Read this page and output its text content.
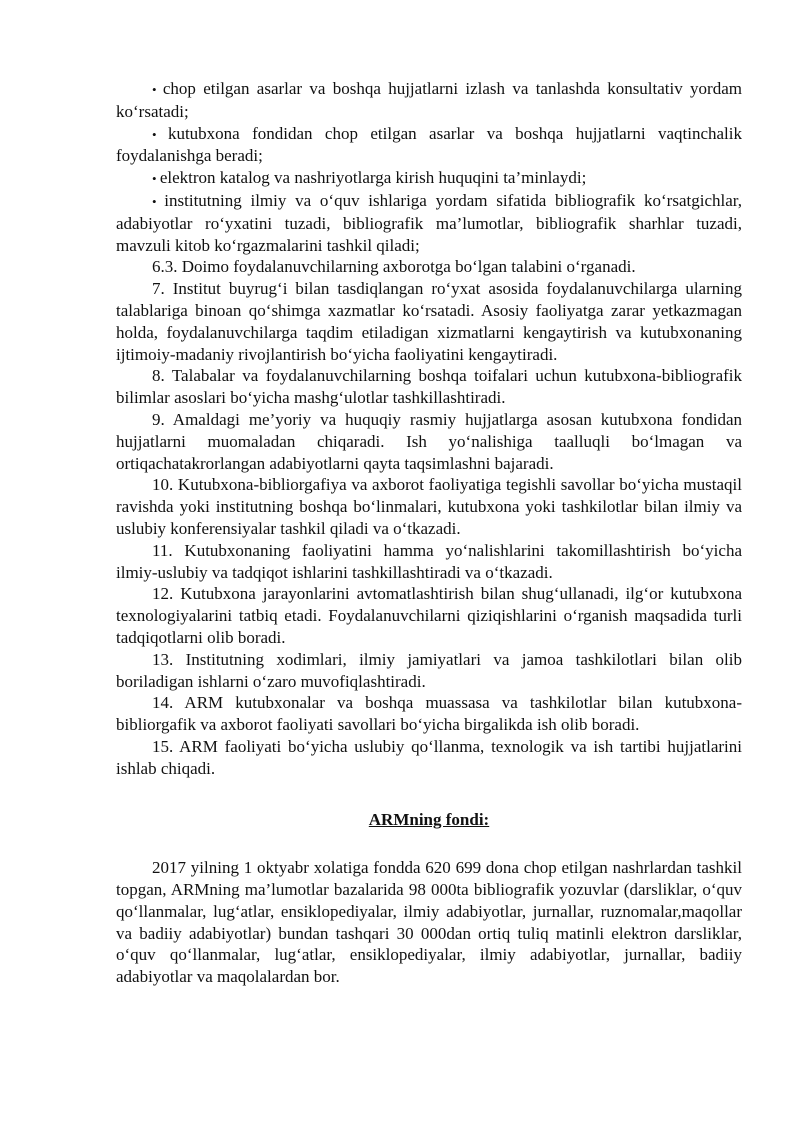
• chop etilgan asarlar va boshqa hujjatlarni izlash va tanlashda konsultativ yordam ko‘rsatadi;

• kutubxona fondidan chop etilgan asarlar va boshqa hujjatlarni vaqtinchalik foydalanishga beradi;

• elektron katalog va nashriyotlarga kirish huquqini ta’minlaydi;

• institutning ilmiy va o‘quv ishlariga yordam sifatida bibliografik ko‘rsatgichlar, adabiyotlar ro‘yxatini tuzadi, bibliografik ma’lumotlar, bibliografik sharhlar tuzadi, mavzuli kitob ko‘rgazmalarini tashkil qiladi;

6.3. Doimo foydalanuvchilarning axborotga bo‘lgan talabini o‘rganadi.

7. Institut buyrug‘i bilan tasdiqlangan ro‘yxat asosida foydalanuvchilarga ularning talablariga binoan qo‘shimga xazmatlar ko‘rsatadi. Asosiy faoliyatga zarar yetkazmagan holda, foydalanuvchilarga taqdim etiladigan xizmatlarni kengaytirish va kutubxonaning ijtimoiy-madaniy rivojlantirish bo‘yicha faoliyatini kengaytiradi.

8. Talabalar va foydalanuvchilarning boshqa toifalari uchun kutubxona-bibliografik bilimlar asoslari bo‘yicha mashg‘ulotlar tashkillashtiradi.

9. Amaldagi me’yoriy va huquqiy rasmiy hujjatlarga asosan kutubxona fondidan hujjatlarni muomaladan chiqaradi. Ish yo‘nalishiga taalluqli bo‘lmagan va ortiqachatakrorlangan adabiyotlarni qayta taqsimlashni bajaradi.

10. Kutubxona-bibliorgafiya va axborot faoliyatiga tegishli savollar bo‘yicha mustaqil ravishda yoki institutning boshqa bo‘linmalari, kutubxona yoki tashkilotlar bilan ilmiy va uslubiy konferensiyalar tashkil qiladi va o‘tkazadi.

11. Kutubxonaning faoliyatini hamma yo‘nalishlarini takomillashtirish bo‘yicha ilmiy-uslubiy va tadqiqot ishlarini tashkillashtiradi va o‘tkazadi.

12. Kutubxona jarayonlarini avtomatlashtirish bilan shug‘ullanadi, ilg‘or kutubxona texnologiyalarini tatbiq etadi. Foydalanuvchilarni qiziqishlarini o‘rganish maqsadida turli tadqiqotlarni olib boradi.

13. Institutning xodimlari, ilmiy jamiyatlari va jamoa tashkilotlari bilan olib boriladigan ishlarni o‘zaro muvofiqlashtiradi.

14. ARM kutubxonalar va boshqa muassasa va tashkilotlar bilan kutubxona-bibliorgafik va axborot faoliyati savollari bo‘yicha birgalikda ish olib boradi.

15. ARM faoliyati bo‘yicha uslubiy qo‘llanma, texnologik va ish tartibi hujjatlarini ishlab chiqadi.

ARMning fondi:

2017 yilning 1 oktyabr xolatiga fondda 620 699 dona chop etilgan nashrlardan tashkil topgan, ARMning ma’lumotlar bazalarida 98 000ta bibliografik yozuvlar (darsliklar, o‘quv qo‘llanmalar, lug‘atlar, ensiklopediyalar, ilmiy adabiyotlar, jurnallar, ruznomalar,maqollar va badiiy adabiyotlar) bundan tashqari 30 000dan ortiq tuliq matinli elektron darsliklar, o‘quv qo‘llanmalar, lug‘atlar, ensiklopediyalar, ilmiy adabiyotlar, jurnallar, badiiy adabiyotlar va maqolalardan bor.
